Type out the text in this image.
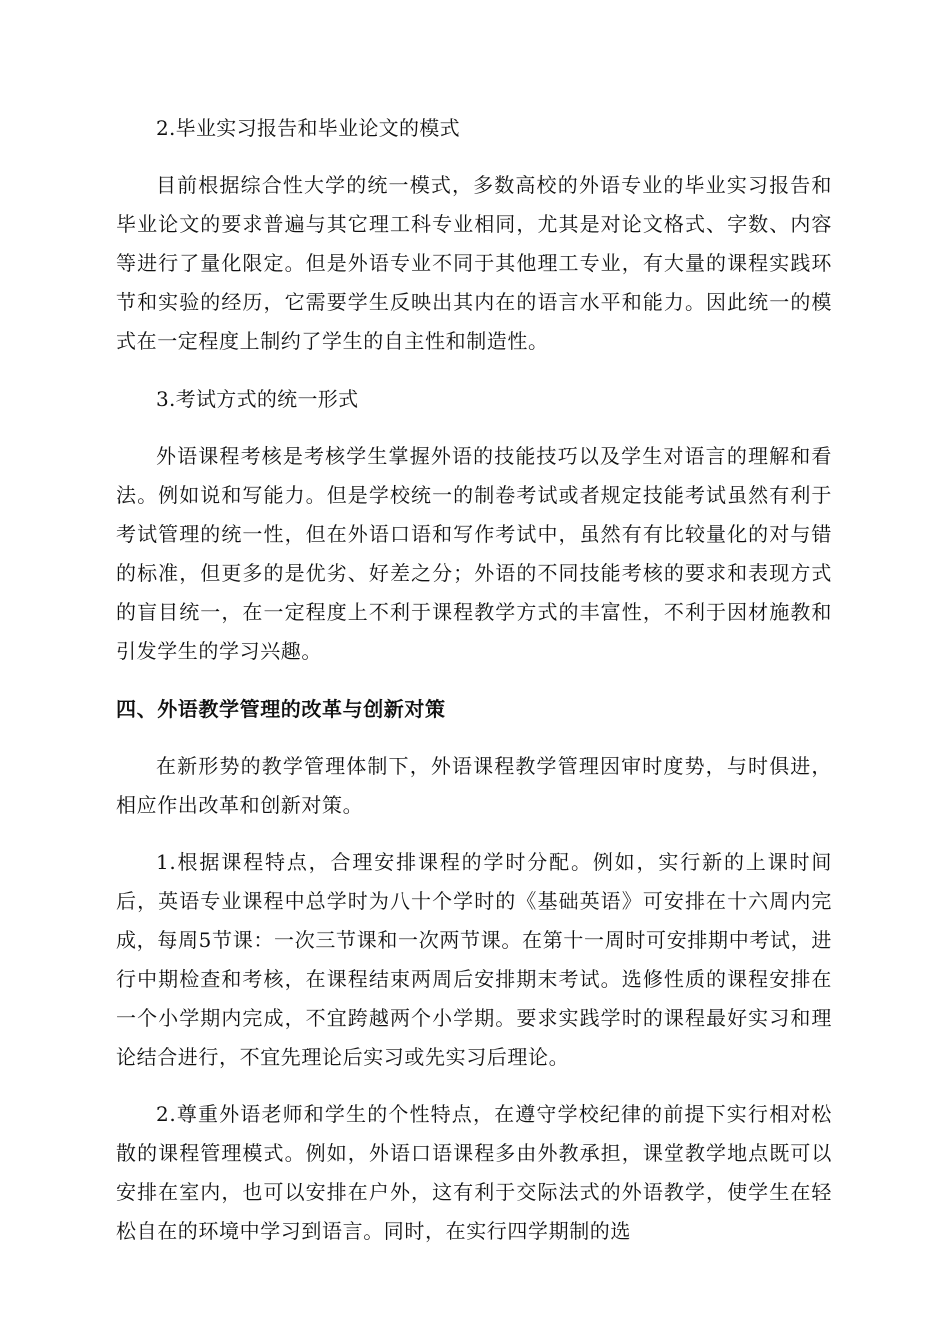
2.毕业实习报告和毕业论文的模式

目前根据综合性大学的统一模式，多数高校的外语专业的毕业实习报告和毕业论文的要求普遍与其它理工科专业相同，尤其是对论文格式、字数、内容等进行了量化限定。但是外语专业不同于其他理工专业，有大量的课程实践环节和实验的经历，它需要学生反映出其内在的语言水平和能力。因此统一的模式在一定程度上制约了学生的自主性和制造性。

3.考试方式的统一形式

外语课程考核是考核学生掌握外语的技能技巧以及学生对语言的理解和看法。例如说和写能力。但是学校统一的制卷考试或者规定技能考试虽然有利于考试管理的统一性，但在外语口语和写作考试中，虽然有有比较量化的对与错的标准，但更多的是优劣、好差之分；外语的不同技能考核的要求和表现方式的盲目统一，在一定程度上不利于课程教学方式的丰富性，不利于因材施教和引发学生的学习兴趣。

四、外语教学管理的改革与创新对策

在新形势的教学管理体制下，外语课程教学管理因审时度势，与时俱进，相应作出改革和创新对策。

1.根据课程特点，合理安排课程的学时分配。例如，实行新的上课时间后，英语专业课程中总学时为八十个学时的《基础英语》可安排在十六周内完成，每周5节课：一次三节课和一次两节课。在第十一周时可安排期中考试，进行中期检查和考核，在课程结束两周后安排期末考试。选修性质的课程安排在一个小学期内完成，不宜跨越两个小学期。要求实践学时的课程最好实习和理论结合进行，不宜先理论后实习或先实习后理论。

2.尊重外语老师和学生的个性特点，在遵守学校纪律的前提下实行相对松散的课程管理模式。例如，外语口语课程多由外教承担，课堂教学地点既可以安排在室内，也可以安排在户外，这有利于交际法式的外语教学，使学生在轻松自在的环境中学习到语言。同时，在实行四学期制的选
